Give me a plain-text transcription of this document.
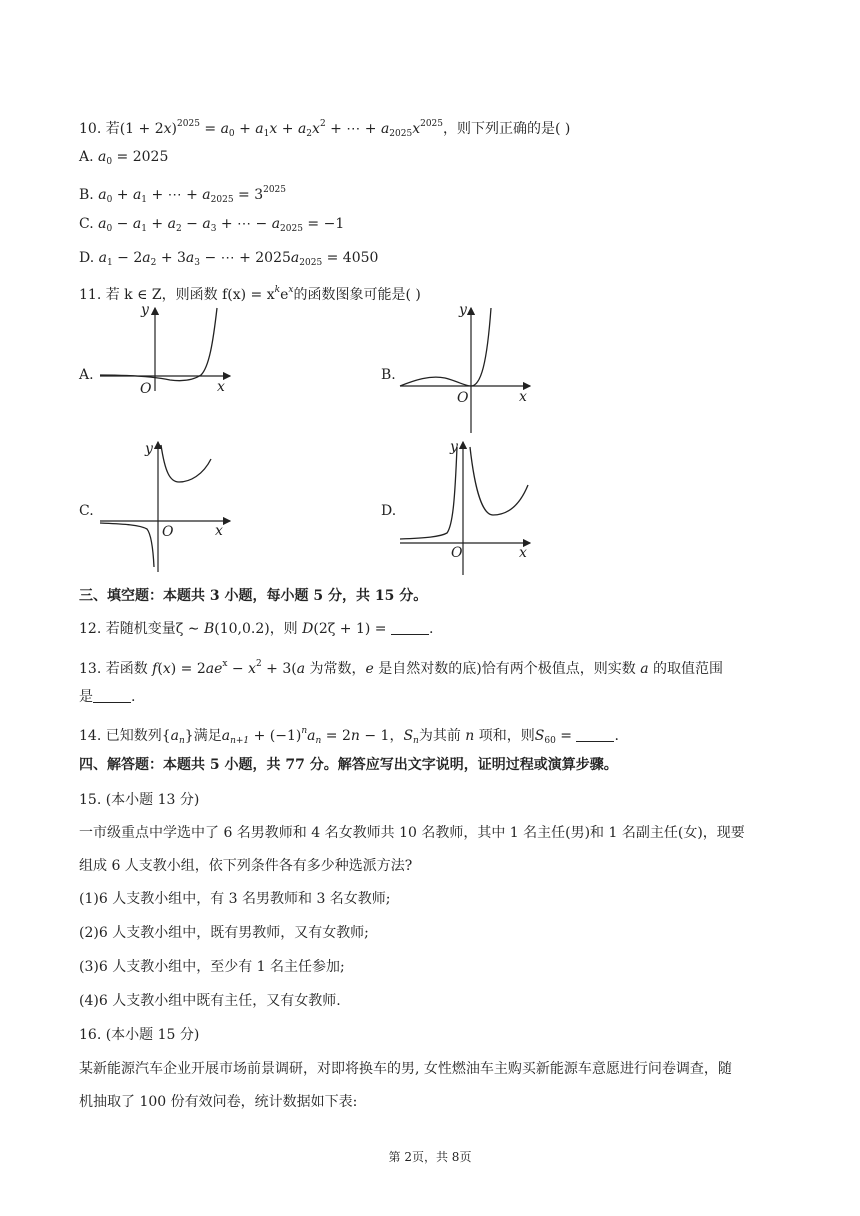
10. 若$(1 + 2x)^{2025} = a_0 + a_1x + a_2x^2$ + ⋯ + $a_{2025}x^{2025}$，则下列正确的是( )
A. $a_0 = 2025$
B. $a_0 + a_1$ + ⋯ + $a_{2025} = 3^{2025}$
C. $a_0 - a_1 + a_2 - a_3$ + ⋯ − $a_{2025} = -1$
D. $a_1 - 2a_2 + 3a_3$ − ⋯ + $2025a_{2025} = 4050$
11. 若 k ∈ Z，则函数 $f(x) = x^ke^x$的函数图象可能是( )
A.
y
x
O
B.
y
x
O
C.
y
x
O
D.
y
x
O
三、填空题：本题共 3 小题，每小题 5 分，共 15 分。
12. 若随机变量ζ ∼ B(10,0.2)，则 D(2ζ + 1) =	.
13. 若函数 $f(x) = 2ae^x - x^2 + 3(a$ 为常数，e 是自然对数的底)恰有两个极值点，则实数 a 的取值范围
是	.
14. 已知数列$\{a_n\}$满足$a_{n+1} + (-1)^na_n = 2n - 1$，$S_n$为其前 n 项和，则$S_{60}$ =	.
四、解答题：本题共 5 小题，共 77 分。解答应写出文字说明，证明过程或演算步骤。
15. (本小题 13 分)
一市级重点中学选中了 6 名男教师和 4 名女教师共 10 名教师，其中 1 名主任(男)和 1 名副主任(女)，现要
组成 6 人支教小组，依下列条件各有多少种选派方法?
(1)6 人支教小组中，有 3 名男教师和 3 名女教师;
(2)6 人支教小组中，既有男教师，又有女教师;
(3)6 人支教小组中，至少有 1 名主任参加;
(4)6 人支教小组中既有主任，又有女教师.
16. (本小题 15 分)
某新能源汽车企业开展市场前景调研，对即将换车的男, 女性燃油车主购买新能源车意愿进行问卷调查，随
机抽取了 100 份有效问卷，统计数据如下表:
第 2页，共 8页
